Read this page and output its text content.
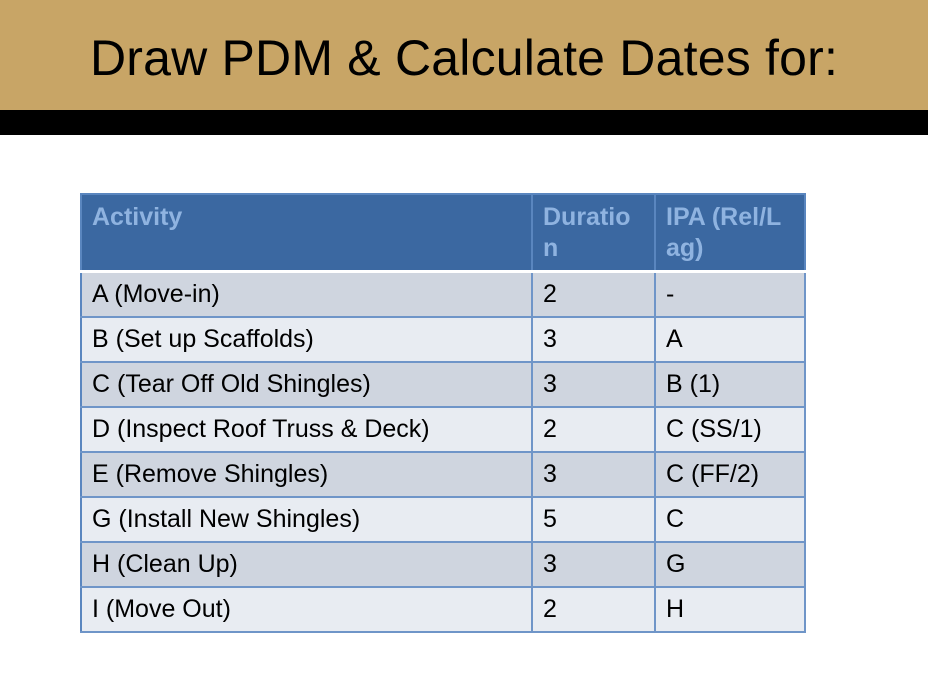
Draw PDM & Calculate Dates for:
Activity	Duration	IPA (Rel/Lag)
A (Move-in)	2	-
B (Set up Scaffolds)	3	A
C (Tear Off Old Shingles)	3	B (1)
D (Inspect Roof Truss & Deck)	2	C (SS/1)
E (Remove Shingles)	3	C (FF/2)
G (Install New Shingles)	5	C
H (Clean Up)	3	G
I (Move Out)	2	H
